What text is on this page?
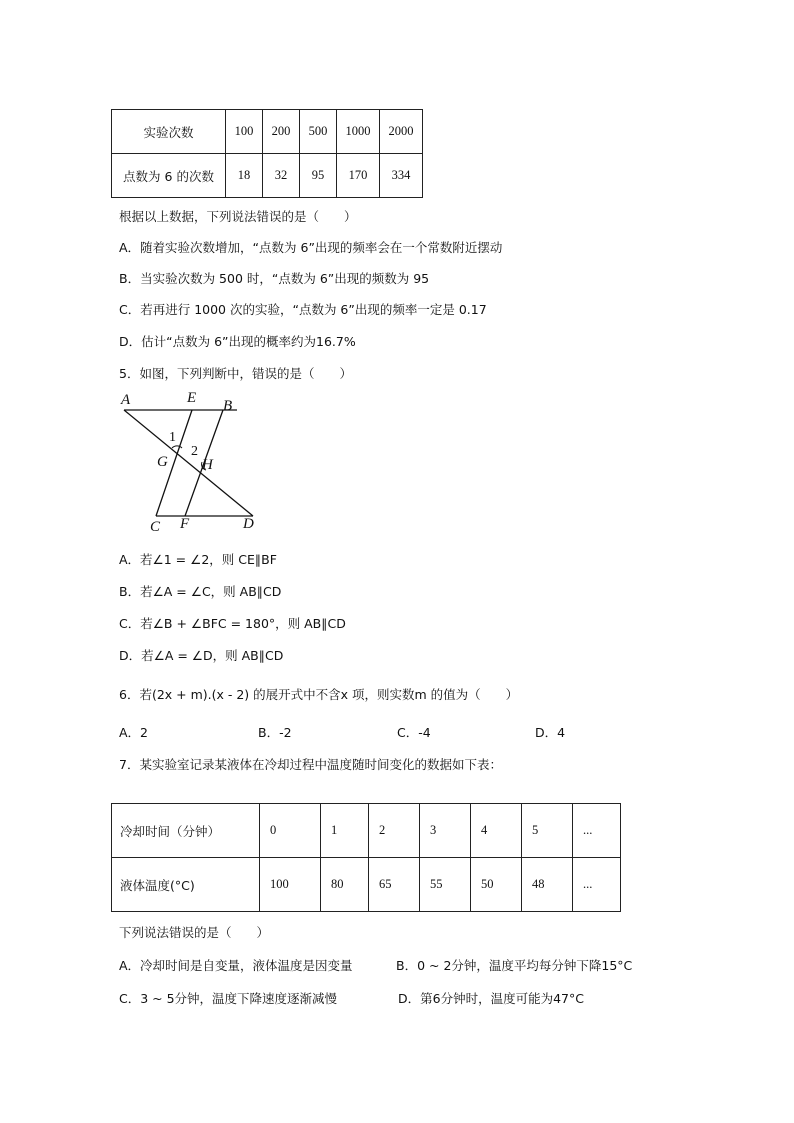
实验次数	100	200	500	1000	2000
点数为 6 的次数	18	32	95	170	334
根据以上数据，下列说法错误的是（　　）
A．随着实验次数增加，“点数为 6”出现的频率会在一个常数附近摆动
B．当实验次数为 500 时，“点数为 6”出现的频数为 95
C．若再进行 1000 次的实验，“点数为 6”出现的频率一定是 0.17
D．估计“点数为 6”出现的概率约为16.7%
5．如图，下列判断中，错误的是（　　）
A	E B
1
2
G H
C F	D
A．若∠1 = ∠2，则 CE∥BF
B．若∠A = ∠C，则 AB∥CD
C．若∠B + ∠BFC = 180°，则 AB∥CD
D．若∠A = ∠D，则 AB∥CD
6．若(2x + m).(x - 2) 的展开式中不含x 项，则实数m 的值为（　　）
A．2	B．-2	C．-4	D．4
7．某实验室记录某液体在冷却过程中温度随时间变化的数据如下表：
冷却时间（分钟）	0	1	2	3	4	5	...
液体温度(°C)	100	80	65	55	50	48	...
下列说法错误的是（　　）
A．冷却时间是自变量，液体温度是因变量	B．0 ~ 2分钟，温度平均每分钟下降15°C
C．3 ~ 5分钟，温度下降速度逐渐减慢	D．第6分钟时，温度可能为47°C
